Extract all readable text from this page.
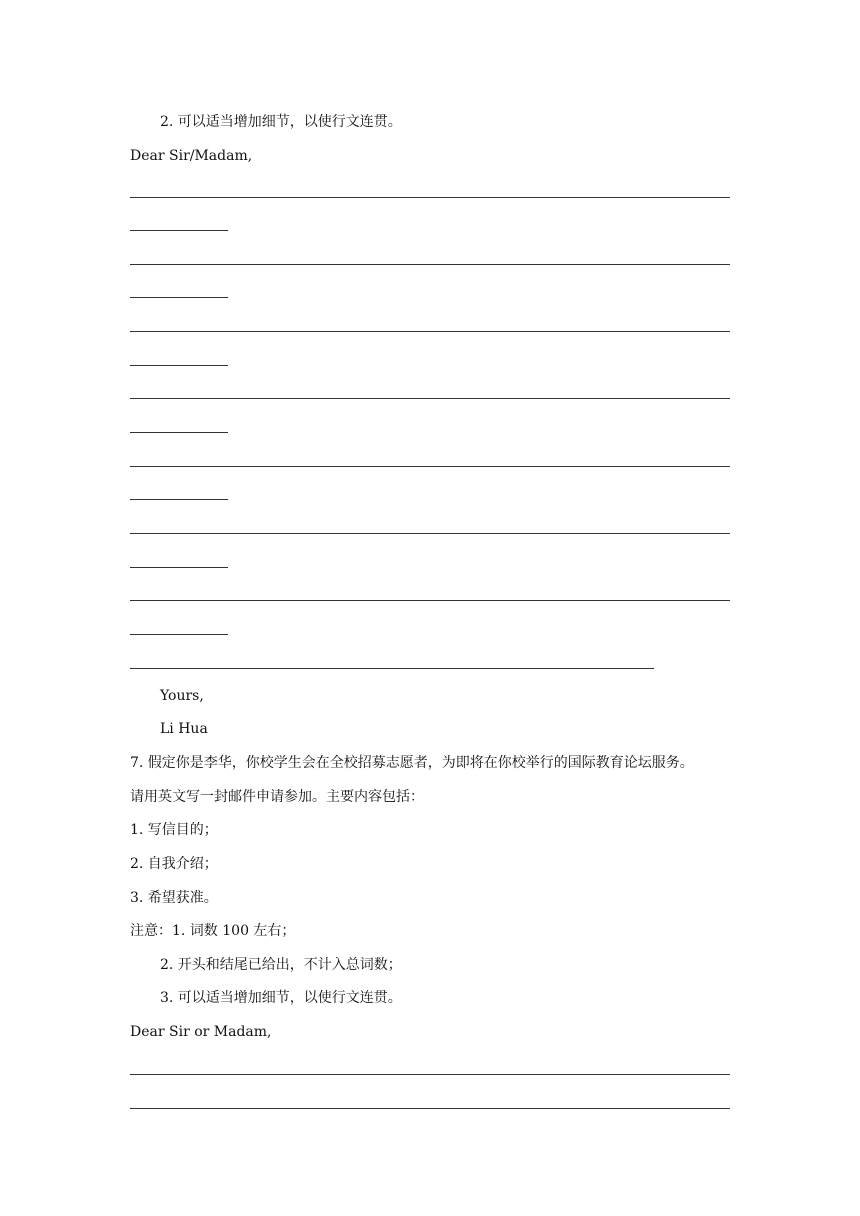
2. 可以适当增加细节，以使行文连贯。
Dear Sir/Madam,
Yours,
Li Hua
7. 假定你是李华，你校学生会在全校招募志愿者，为即将在你校举行的国际教育论坛服务。
请用英文写一封邮件申请参加。主要内容包括：
1. 写信目的；
2. 自我介绍；
3. 希望获准。
注意：1. 词数 100 左右；
2. 开头和结尾已给出，不计入总词数；
3. 可以适当增加细节，以使行文连贯。
Dear Sir or Madam,
